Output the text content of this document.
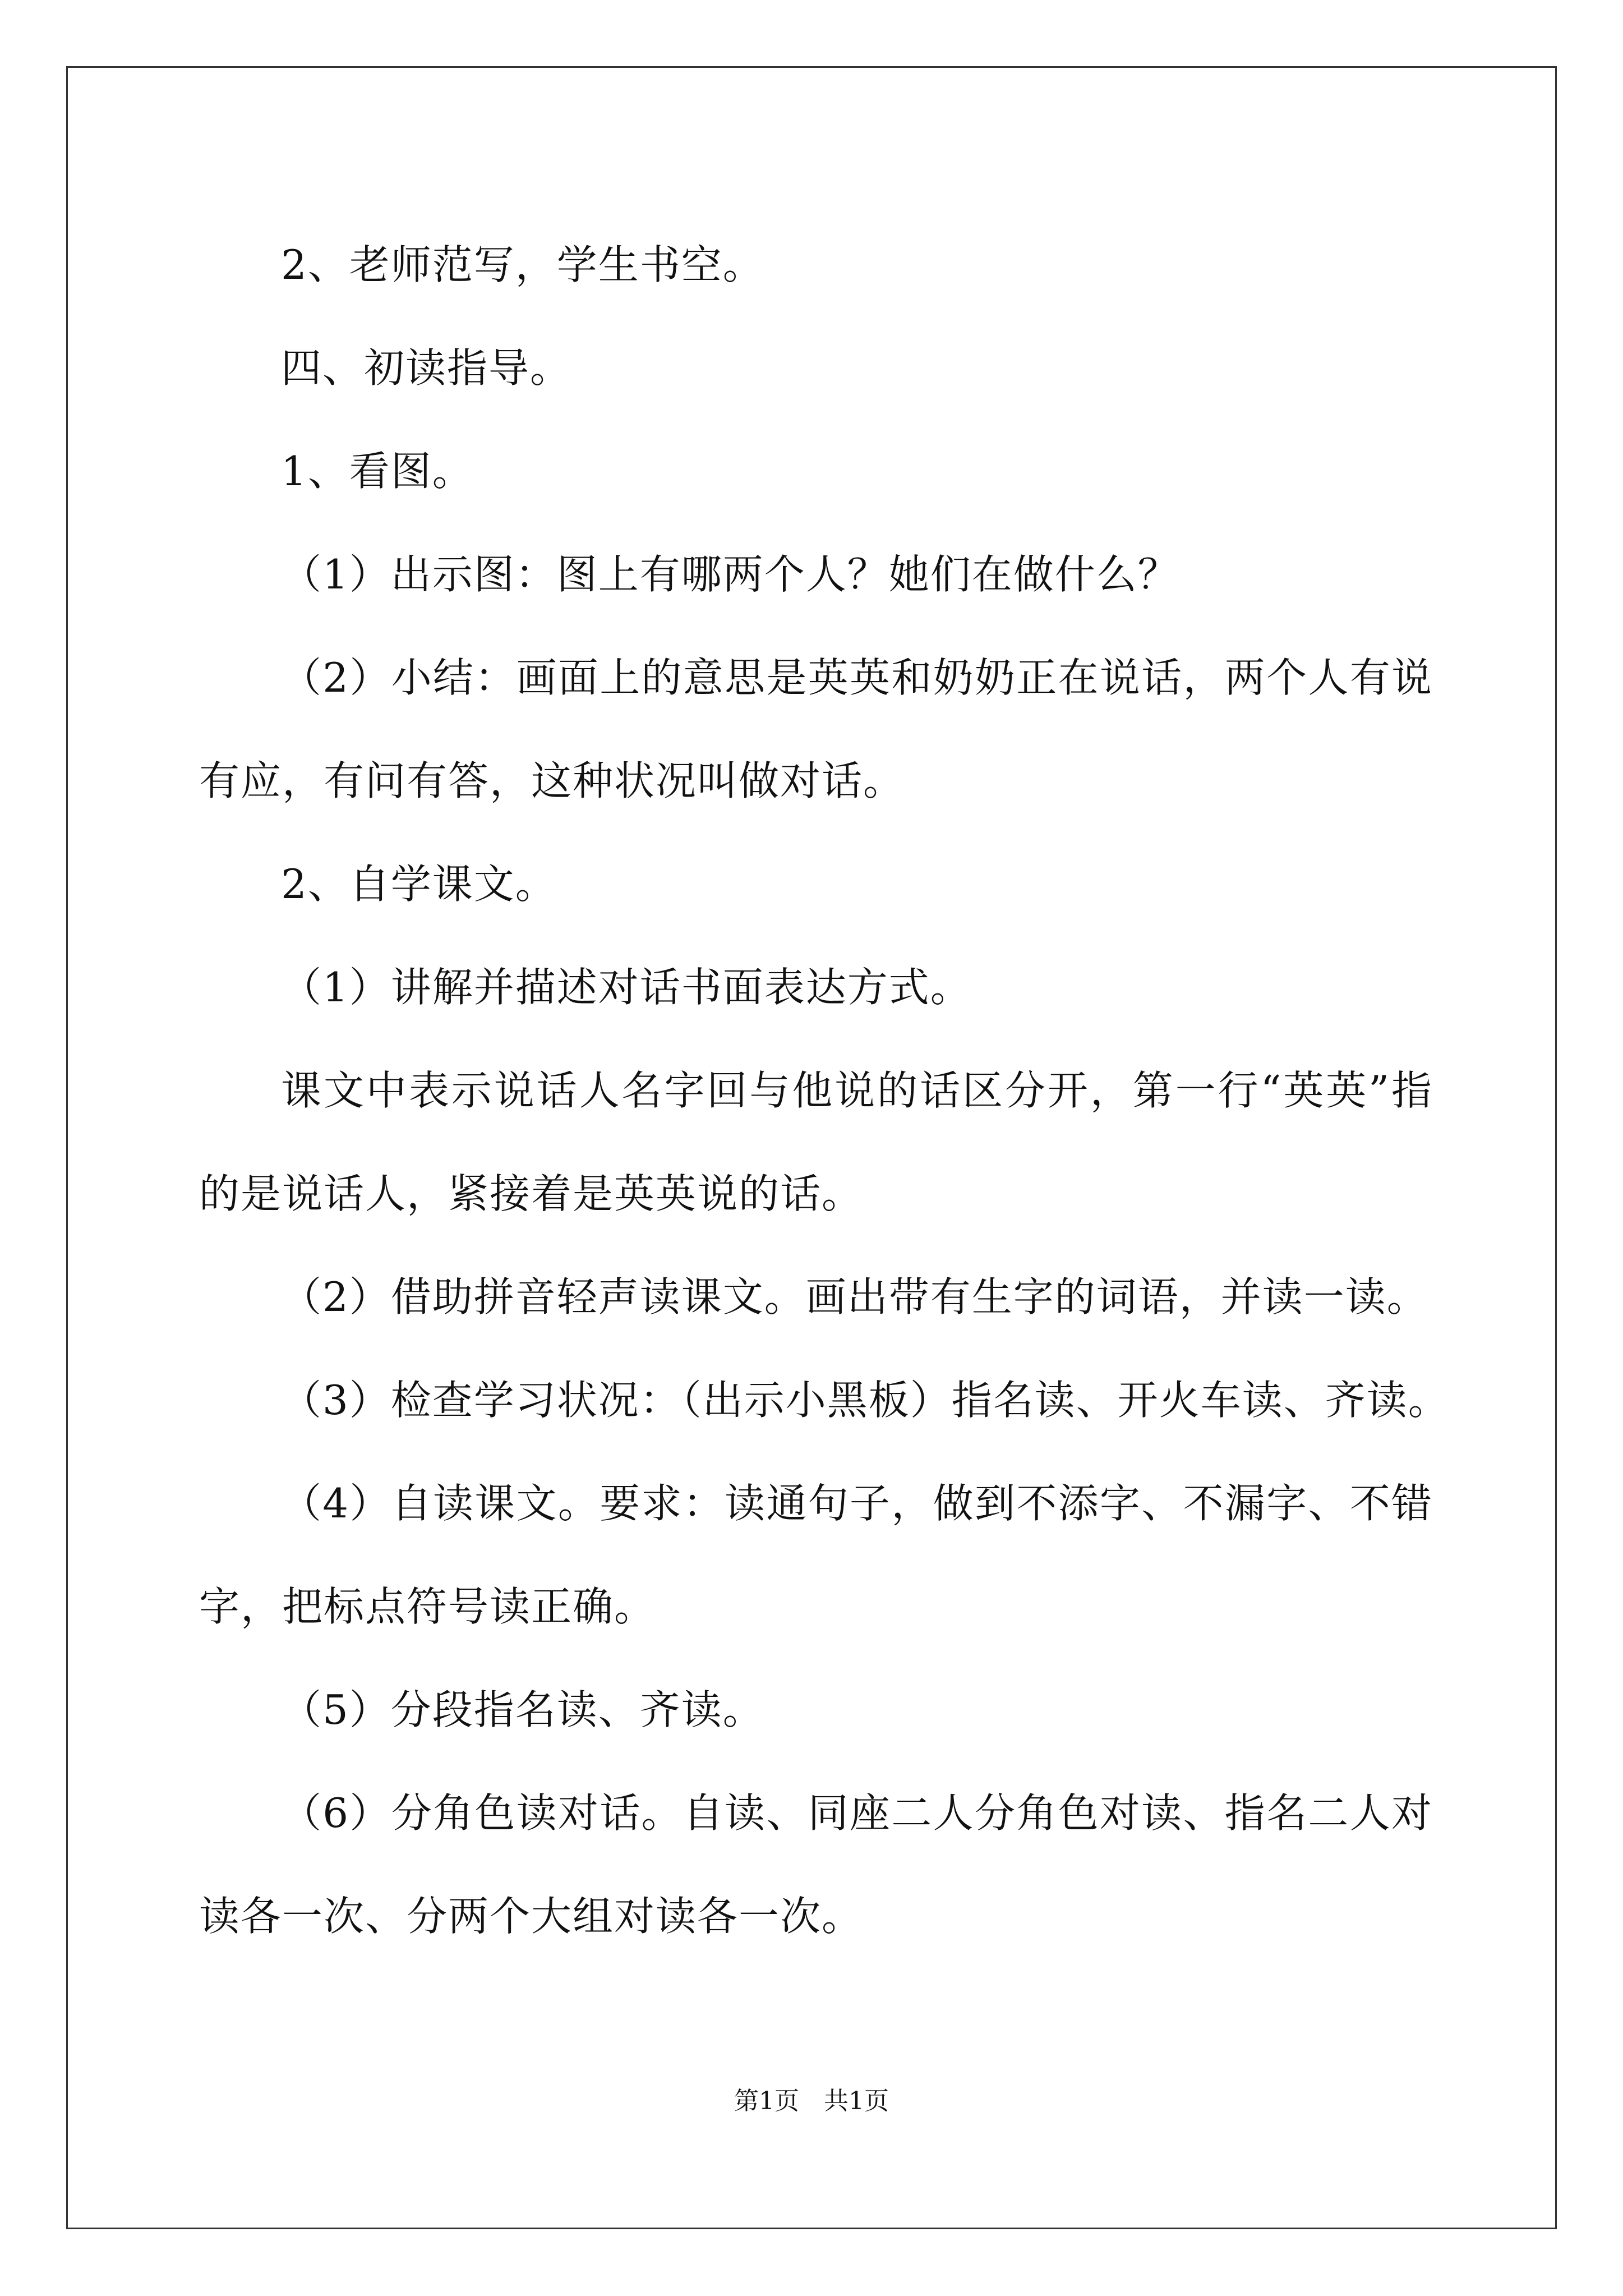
2、老师范写，学生书空。

四、初读指导。

1、看图。

（1）出示图：图上有哪两个人？她们在做什么？

（2）小结：画面上的意思是英英和奶奶正在说话，两个人有说有应，有问有答，这种状况叫做对话。

2、自学课文。

（1）讲解并描述对话书面表达方式。

课文中表示说话人名字回与他说的话区分开，第一行“英英”指的是说话人，紧接着是英英说的话。

（2）借助拼音轻声读课文。画出带有生字的词语，并读一读。

（3）检查学习状况：（出示小黑板）指名读、开火车读、齐读。

（4）自读课文。要求：读通句子，做到不添字、不漏字、不错字，把标点符号读正确。

（5）分段指名读、齐读。

（6）分角色读对话。自读、同座二人分角色对读、指名二人对读各一次、分两个大组对读各一次。

第1页　共1页
